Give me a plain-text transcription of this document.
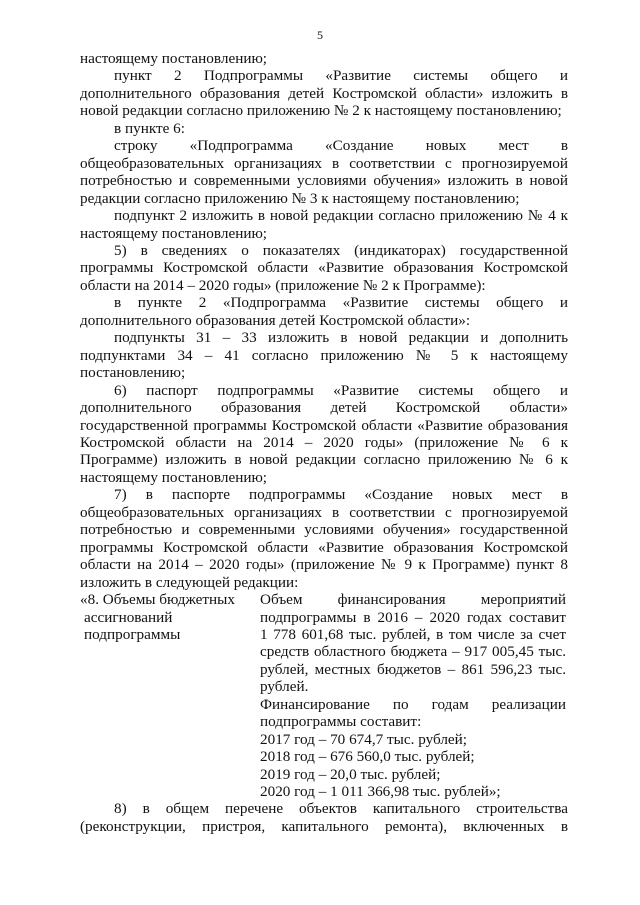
5

настоящему постановлению;

пункт 2 Подпрограммы «Развитие системы общего и

дополнительного образования детей Костромской области» изложить в

новой редакции согласно приложению № 2 к настоящему постановлению;

в пункте 6:

строку «Подпрограмма «Создание новых мест в

общеобразовательных организациях в соответствии с прогнозируемой

потребностью и современными условиями обучения» изложить в новой

редакции согласно приложению № 3 к настоящему постановлению;

подпункт 2 изложить в новой редакции согласно приложению № 4 к

настоящему постановлению;

5) в сведениях о показателях (индикаторах) государственной

программы Костромской области «Развитие образования Костромской

области на 2014 – 2020 годы» (приложение № 2 к Программе):

в пункте 2 «Подпрограмма «Развитие системы общего и

дополнительного образования детей Костромской области»:

подпункты 31 – 33 изложить в новой редакции и дополнить

подпунктами 34 – 41 согласно приложению № 5 к настоящему

постановлению;

6) паспорт подпрограммы «Развитие системы общего и

дополнительного образования детей Костромской области»

государственной программы Костромской области «Развитие образования

Костромской области на 2014 – 2020 годы» (приложение № 6 к

Программе) изложить в новой редакции согласно приложению № 6 к

настоящему постановлению;

7) в паспорте подпрограммы «Создание новых мест в

общеобразовательных организациях в соответствии с прогнозируемой

потребностью и современными условиями обучения» государственной

программы Костромской области «Развитие образования Костромской

области на 2014 – 2020 годы» (приложение № 9 к Программе) пункт 8

изложить в следующей редакции:

«8. Объемы бюджетных

ассигнований

подпрограммы

Объем финансирования мероприятий

подпрограммы в 2016 – 2020 годах составит

1 778 601,68 тыс. рублей, в том числе за счет

средств областного бюджета – 917 005,45 тыс.

рублей, местных бюджетов – 861 596,23 тыс.

рублей.

Финансирование по годам реализации

подпрограммы составит:

2017 год – 70 674,7 тыс. рублей;

2018 год – 676 560,0 тыс. рублей;

2019 год – 20,0 тыс. рублей;

2020 год – 1 011 366,98 тыс. рублей»;

8) в общем перечене объектов капитального строительства

(реконструкции, пристроя, капитального ремонта), включенных в
